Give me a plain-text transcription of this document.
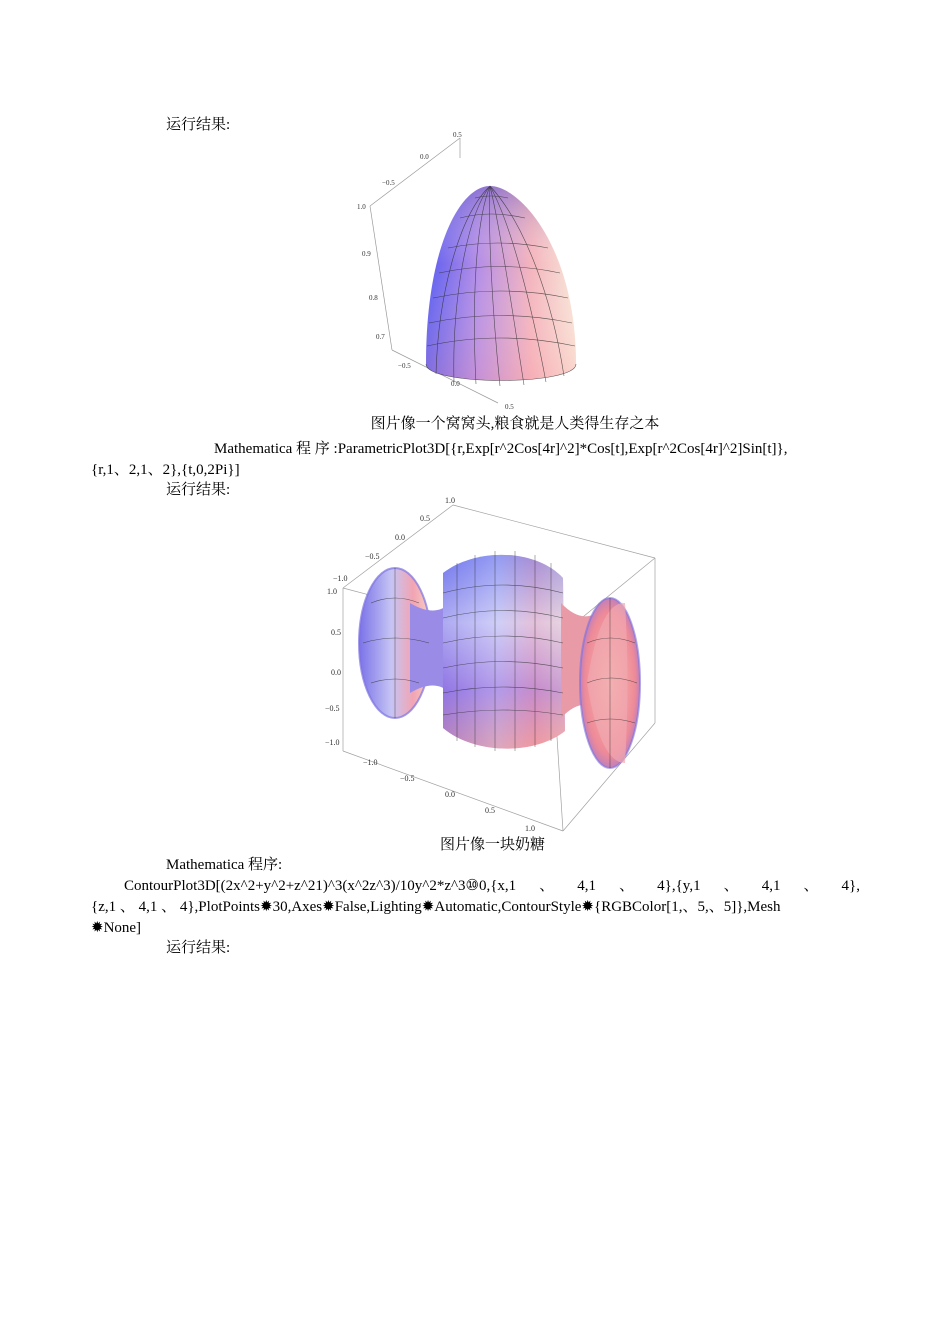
运行结果:
1.0
0.9
0.8
0.7
−0.5
0.0
0.5
0.5
0.0
−0.5
图片像一个窝窝头,粮食就是人类得生存之本
Mathematica 程 序 :ParametricPlot3D[{r,Exp[r^2Cos[4r]^2]*Cos[t],Exp[r^2Cos[4r]^2]Sin[t]},
{r,1、2,1、2},{t,0,2Pi}]
运行结果:
1.0
0.5
0.0
−0.5
−1.0
1.0
0.5
0.0
−0.5
−1.0
−1.0
−0.5
0.0
0.5
1.0
图片像一块奶糖
Mathematica 程序:
ContourPlot3D[(2x^2+y^2+z^21)^3(x^2z^3)/10y^2*z^3⑩0,{x,1 、 4,1 、 4},{y,1 、 4,1 、 4},
{z,1 、 4,1 、 4},PlotPoints✹30,Axes✹False,Lighting✹Automatic,ContourStyle✹{RGBColor[1,、5,、5]},Mesh
✹None]
运行结果:
